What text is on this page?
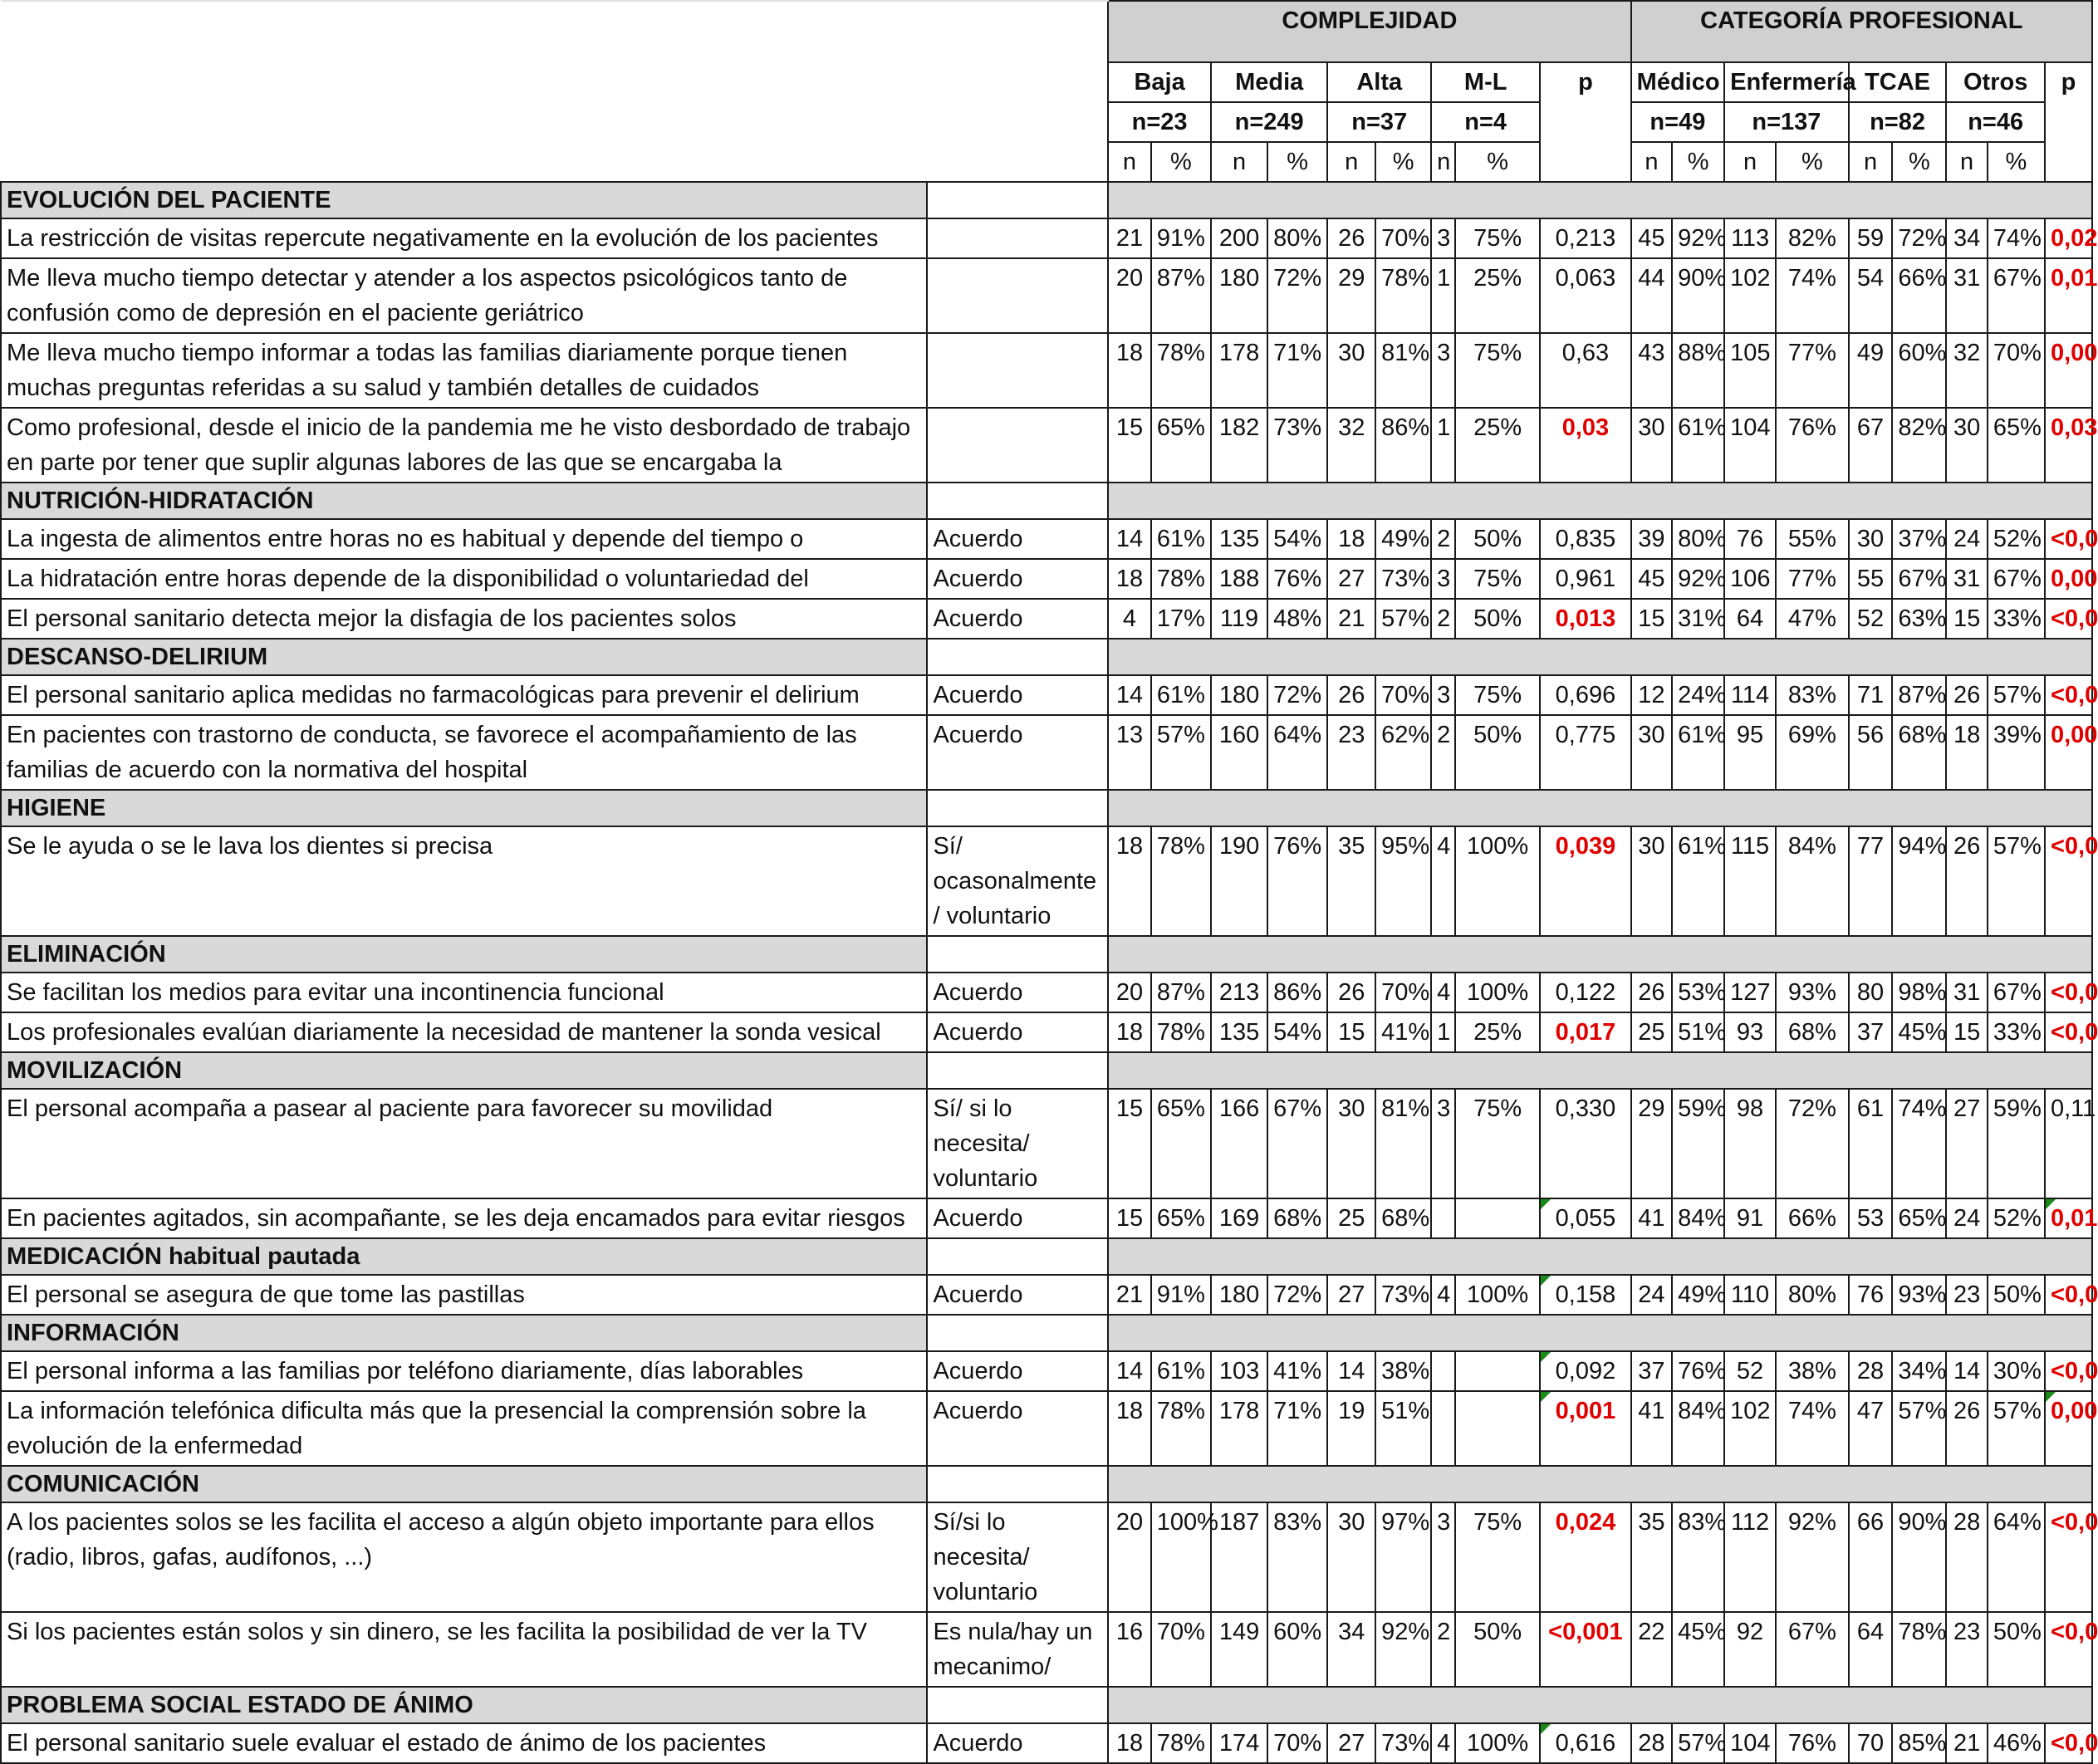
		COMPLEJIDAD									CATEGORÍA PROFESIONAL								
		Baja		Media		Alta		M-L		p	Médico		Enfermería		TCAE		Otros		p
		n=23		n=249		n=37		n=4			n=49		n=137		n=82		n=46		
		n	%	n	%	n	%	n	%		n	%	n	%	n	%	n	%	
EVOLUCIÓN DEL PACIENTE																			
La restricción de visitas repercute negativamente en la evolución de los pacientes		21	91%	200	80%	26	70%	3	75%	0,213	45	92%	113	82%	59	72%	34	74%	0,02
Me lleva mucho tiempo detectar y atender a los aspectos psicológicos tanto de confusión como de depresión en el paciente geriátrico		20	87%	180	72%	29	78%	1	25%	0,063	44	90%	102	74%	54	66%	31	67%	0,01
Me lleva mucho tiempo informar a todas las familias diariamente porque tienen muchas preguntas referidas a su salud y también detalles de cuidados		18	78%	178	71%	30	81%	3	75%	0,63	43	88%	105	77%	49	60%	32	70%	0,00
Como profesional, desde el inicio de la pandemia me he visto desbordado de trabajo en parte por tener que suplir algunas labores de las que se encargaba la		15	65%	182	73%	32	86%	1	25%	0,03	30	61%	104	76%	67	82%	30	65%	0,03
NUTRICIÓN-HIDRATACIÓN																			
La ingesta de alimentos entre horas no es habitual y depende del tiempo o	Acuerdo	14	61%	135	54%	18	49%	2	50%	0,835	39	80%	76	55%	30	37%	24	52%	<0,0
La hidratación entre horas depende de la disponibilidad o voluntariedad del	Acuerdo	18	78%	188	76%	27	73%	3	75%	0,961	45	92%	106	77%	55	67%	31	67%	0,00
El personal sanitario detecta mejor la disfagia de los pacientes solos	Acuerdo	4	17%	119	48%	21	57%	2	50%	0,013	15	31%	64	47%	52	63%	15	33%	<0,0
DESCANSO-DELIRIUM																			
El personal sanitario aplica medidas no farmacológicas para prevenir el delirium	Acuerdo	14	61%	180	72%	26	70%	3	75%	0,696	12	24%	114	83%	71	87%	26	57%	<0,0
En pacientes con trastorno de conducta, se favorece el acompañamiento de las familias de acuerdo con la normativa del hospital	Acuerdo	13	57%	160	64%	23	62%	2	50%	0,775	30	61%	95	69%	56	68%	18	39%	0,00
HIGIENE																			
Se le ayuda o se le lava los dientes si precisa	Sí/ ocasonalmente / voluntario	18	78%	190	76%	35	95%	4	100%	0,039	30	61%	115	84%	77	94%	26	57%	<0,0
ELIMINACIÓN																			
Se facilitan los medios para evitar una incontinencia funcional	Acuerdo	20	87%	213	86%	26	70%	4	100%	0,122	26	53%	127	93%	80	98%	31	67%	<0,0
Los profesionales evalúan diariamente la necesidad de mantener la sonda vesical	Acuerdo	18	78%	135	54%	15	41%	1	25%	0,017	25	51%	93	68%	37	45%	15	33%	<0,0
MOVILIZACIÓN																			
El personal acompaña a pasear al paciente para favorecer su movilidad	Sí/ si lo necesita/ voluntario	15	65%	166	67%	30	81%	3	75%	0,330	29	59%	98	72%	61	74%	27	59%	0,11
En pacientes agitados, sin acompañante, se les deja encamados para evitar riesgos	Acuerdo	15	65%	169	68%	25	68%			0,055	41	84%	91	66%	53	65%	24	52%	0,01
MEDICACIÓN habitual pautada																			
El personal se asegura de que tome las pastillas	Acuerdo	21	91%	180	72%	27	73%	4	100%	0,158	24	49%	110	80%	76	93%	23	50%	<0,0
INFORMACIÓN																			
El personal informa a las familias por teléfono diariamente, días laborables	Acuerdo	14	61%	103	41%	14	38%			0,092	37	76%	52	38%	28	34%	14	30%	<0,0
La información telefónica dificulta más que la presencial la comprensión sobre la evolución de la enfermedad	Acuerdo	18	78%	178	71%	19	51%			0,001	41	84%	102	74%	47	57%	26	57%	0,00
COMUNICACIÓN																			
A los pacientes solos se les facilita el acceso a algún objeto importante para ellos (radio, libros, gafas, audífonos, ...)	Sí/si lo necesita/ voluntario	20	100%	187	83%	30	97%	3	75%	0,024	35	83%	112	92%	66	90%	28	64%	<0,0
Si los pacientes están solos y sin dinero, se les facilita la posibilidad de ver la TV	Es nula/hay un mecanimo/	16	70%	149	60%	34	92%	2	50%	<0,001	22	45%	92	67%	64	78%	23	50%	<0,0
PROBLEMA SOCIAL ESTADO DE ÁNIMO																			
El personal sanitario suele evaluar el estado de ánimo de los pacientes	Acuerdo	18	78%	174	70%	27	73%	4	100%	0,616	28	57%	104	76%	70	85%	21	46%	<0,0
